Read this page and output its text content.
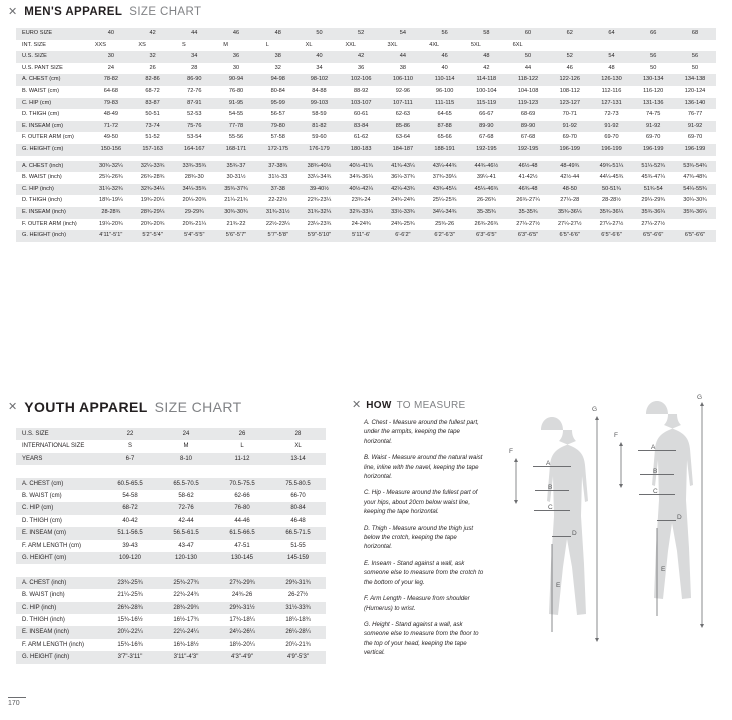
✕ MEN'S APPAREL SIZE CHART
EURO SIZE	40		42		44		46		48		50		52		54		56		58		60	62	64	66	68
INT. SIZE	XXS		XS		S		M		L		XL		XXL		3XL		4XL		5XL		6XL				
U.S. SIZE	30		32		34		36		38		40		42		44		46		48		50	52	54	56	56
U.S. PANT SIZE	24		26		28		30		32		34		36		38		40		42		44	46	48	50	50
A. CHEST (cm)	78-82		82-86		86-90		90-94		94-98		98-102		102-106		106-110		110-114		114-118		118-122	122-126	126-130	130-134	134-138
B. WAIST (cm)	64-68		68-72		72-76		76-80		80-84		84-88		88-92		92-96		96-100		100-104		104-108	108-112	112-116	116-120	120-124
C. HIP (cm)	79-83		83-87		87-91		91-95		95-99		99-103		103-107		107-111		111-115		115-119		119-123	123-127	127-131	131-136	136-140
D. THIGH (cm)	48-49		50-51		52-53		54-55		56-57		58-59		60-61		62-63		64-65		66-67		68-69	70-71	72-73	74-75	76-77
E. INSEAM (cm)	71-72		73-74		75-76		77-78		79-80		81-82		83-84		85-86		87-88		89-90		89-90	91-92	91-92	91-92	91-92
F. OUTER ARM (cm)	49-50		51-52		53-54		55-56		57-58		59-60		61-62		63-64		65-66		67-68		67-68	69-70	69-70	69-70	69-70
G. HEIGHT (cm)	150-156		157-163		164-167		168-171		172-175		176-179		180-183		184-187		188-191		192-195		192-195	196-199	196-199	196-199	196-199

A. CHEST (inch)	30¾-32¼		32¼-33¾		33¾-35¾		35¾-37		37-38¾		38¾-40½		40½-41¾		41¾-43¼		43¼-44¾		44¾-46½		46½-48	48-49¾	49¾-51¼	51¼-52¾	53¾-54¾
B. WAIST (inch)	25¼-26¾		26¾-28¾		28¾-30		30-31½		31½-33		33¼-34¾		34¾-36¼		36¼-37¾		37¾-39¼		39¼-41		41-42½	42½-44	44¼-45¾	45¾-47¼	47¾-48¾
C. HIP (inch)	31¼-32¾		32¾-34¼		34¼-35¾		35¾-37¾		37-38		39-40½		40½-42¼		42¼-43¾		43¾-45¼		45¼-46¾		46¾-48	48-50	50-51¾	51¾-54	54¼-55¾
D. THIGH (inch)	18¾-19¼		19¾-20¼		20¼-20¾		21¼-21¾		22-22½		22¾-23¼		23¾-24		24¾-24¾		25¼-25¾		26-26¾		26¾-27¼	27¼-28	28-28½	29¼-29¾	30¼-30¾
E. INSEAM (inch)	28-28¾		28¾-29¼		29-29¾		30¾-30¾		31¾-31½		31¾-32¼		32¾-33¼		33½-33¾		34¼-34¾		35-35¾		35-35¾	35¾-36¼	35¾-36¼	35¾-36¼	35¾-36¼
F. OUTER ARM (inch)	19¼-20¾		20¾-20¾		20¾-21¼		21¾-22		22½-23¼		23¼-23¾		24-24¾		24¾-25¾		25¾-26		26¾-26¾		27¼-27½	27¼-27½	27¼-27½	27¼-27½	
G. HEIGHT (inch)	4'11"-5'1"		5'2"-5'4"		5'4"-5'5"		5'6"-5'7"		5'7"-5'8"		5'9"-5'10"		5'11"-6'		6'-6'2"		6'2"-6'3"		6'3"-6'5"		6'3"-6'5"	6'5"-6'6"	6'5"-6'6"	6'5"-6'6"	6'5"-6'6"
✕ YOUTH APPAREL SIZE CHART
U.S. SIZE	22	24	26	28
INTERNATIONAL SIZE	S	M	L	XL
YEARS	6-7	8-10	11-12	13-14

A. CHEST (cm)	60.5-65.5	65.5-70.5	70.5-75.5	75.5-80.5
B. WAIST (cm)	54-58	58-62	62-66	66-70
C. HIP (cm)	68-72	72-76	76-80	80-84
D. THIGH (cm)	40-42	42-44	44-46	46-48
E. INSEAM (cm)	51.1-56.5	56.5-61.5	61.5-66.5	66.5-71.5
F. ARM LENGTH (cm)	39-43	43-47	47-51	51-55
G. HEIGHT (cm)	109-120	120-130	130-145	145-159

A. CHEST (inch)	23¾-25¾	25¾-27¾	27¾-29¾	29¾-31¾
B. WAIST (inch)	21¼-25¾	22¾-24¾	24¾-26	26-27½
C. HIP (inch)	26¾-28¾	28¾-29¾	29¾-31½	31½-33¾
D. THIGH (inch)	15¾-16½	16½-17¾	17¾-18¼	18¼-18¾
E. INSEAM (inch)	20¼-22¼	22¼-24¼	24¼-26¼	26¼-28¼
F. ARM LENGTH (inch)	15¾-16¾	16¾-18½	18½-20¼	20¼-21¾
G. HEIGHT (inch)	3'7"-3'11"	3'11"-4'3"	4'3"-4'9"	4'9"-5'3"
✕ HOW TO MEASURE

A. Chest - Measure around the fullest part, under the armpits, keeping the tape horizontal.

B. Waist - Measure around the natural waist line, inline with the navel, keeping the tape horizontal.

C. Hip - Measure around the fullest part of your hips, about 20cm below waist line, keeping the tape horizontal.

D. Thigh - Measure around the thigh just below the crotch, keeping the tape horizontal.

E. Inseam - Stand against a wall, ask someone else to measure from the crotch to the bottom of your leg.

F. Arm Length - Measure from shoulder (Humerus) to wrist.

G. Height - Stand against a wall, ask someone else to measure from the floor to the top of your head, keeping the tape vertical.

A
B
C
D
E
F
G
A
B
C
D
E
F
G
170
